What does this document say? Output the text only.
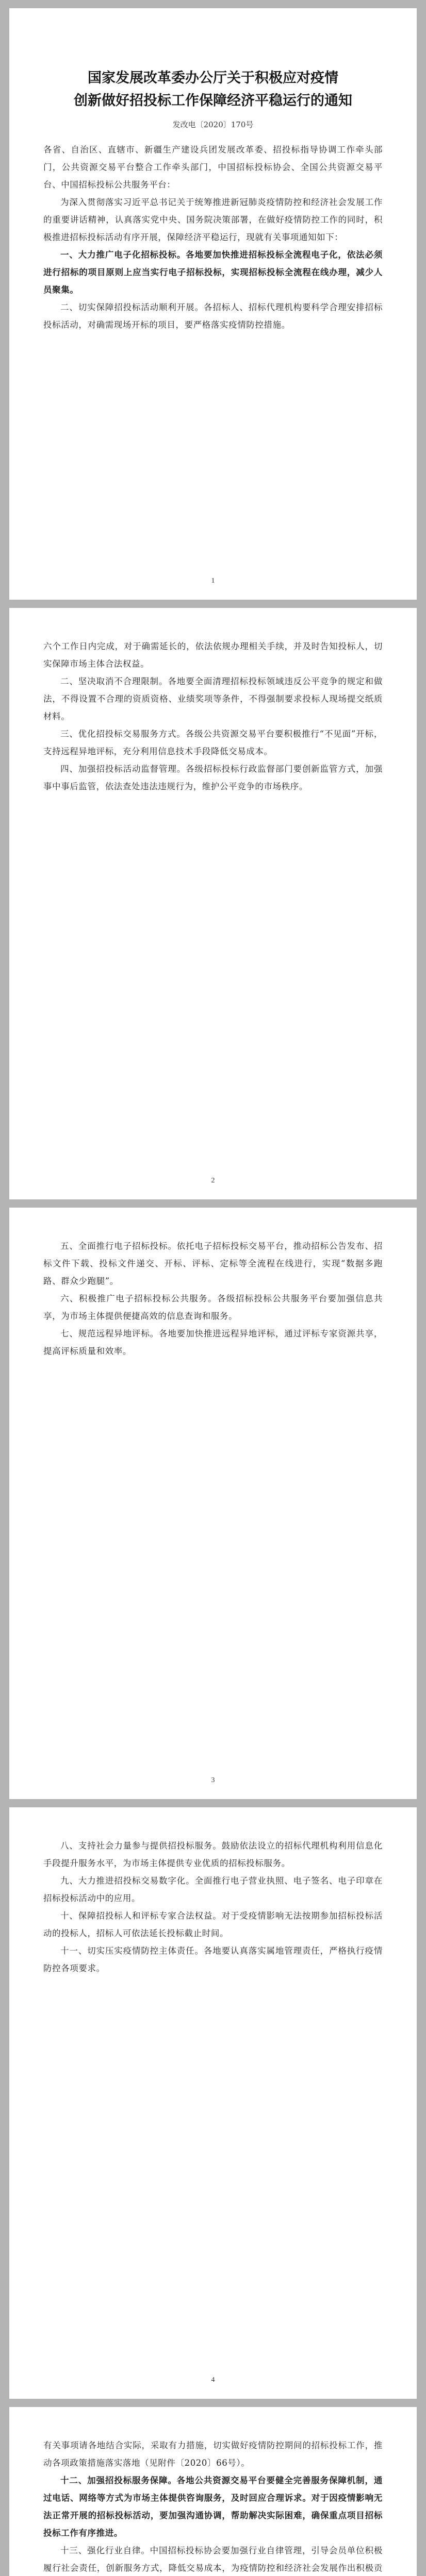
国家发展改革委办公厅关于积极应对疫情
创新做好招投标工作保障经济平稳运行的通知
发改电〔2020〕170号

各省、自治区、直辖市、新疆生产建设兵团发展改革委、招投标指导协调工作牵头部门，公共资源交易平台整合工作牵头部门，中国招标投标协会、全国公共资源交易平台、中国招标投标公共服务平台：

为深入贯彻落实习近平总书记关于统筹推进新冠肺炎疫情防控和经济社会发展工作的重要讲话精神，认真落实党中央、国务院决策部署，在做好疫情防控工作的同时，积极推进招标投标活动有序开展，保障经济平稳运行，现就有关事项通知如下：

一、大力推广电子化招标投标。各地要加快推进招标投标全流程电子化，依法必须进行招标的项目原则上应当实行电子招标投标，实现招标投标全流程在线办理，减少人员聚集。

二、切实保障招投标活动顺利开展。各招标人、招标代理机构要科学合理安排招标投标活动，对确需现场开标的项目，要严格落实疫情防控措施。

1

六个工作日内完成，对于确需延长的，依法依规办理相关手续，并及时告知投标人，切实保障市场主体合法权益。

二、坚决取消不合理限制。各地要全面清理招标投标领域违反公平竞争的规定和做法，不得设置不合理的资质资格、业绩奖项等条件，不得强制要求投标人现场提交纸质材料。

三、优化招投标交易服务方式。各级公共资源交易平台要积极推行“不见面”开标，支持远程异地评标，充分利用信息技术手段降低交易成本。

四、加强招投标活动监督管理。各级招标投标行政监督部门要创新监管方式，加强事中事后监管，依法查处违法违规行为，维护公平竞争的市场秩序。

2

五、全面推行电子招标投标。依托电子招标投标交易平台，推动招标公告发布、招标文件下载、投标文件递交、开标、评标、定标等全流程在线进行，实现“数据多跑路、群众少跑腿”。

六、积极推广电子招标投标公共服务。各级招标投标公共服务平台要加强信息共享，为市场主体提供便捷高效的信息查询和服务。

七、规范远程异地评标。各地要加快推进远程异地评标，通过评标专家资源共享，提高评标质量和效率。

3

八、支持社会力量参与提供招投标服务。鼓励依法设立的招标代理机构利用信息化手段提升服务水平，为市场主体提供专业优质的招标投标服务。

九、大力推进招投标交易数字化。全面推行电子营业执照、电子签名、电子印章在招标投标活动中的应用。

十、保障招投标人和评标专家合法权益。对于受疫情影响无法按期参加招标投标活动的投标人，招标人可依法延长投标截止时间。

十一、切实压实疫情防控主体责任。各地要认真落实属地管理责任，严格执行疫情防控各项要求。

4

有关事项请各地结合实际，采取有力措施，切实做好疫情防控期间的招标投标工作，推动各项政策措施落实落地（见附件〔2020〕66号）。

十二、加强招投标服务保障。各地公共资源交易平台要健全完善服务保障机制，通过电话、网络等方式为市场主体提供咨询服务，及时回应合理诉求。对于因疫情影响无法正常开展的招标投标活动，要加强沟通协调，帮助解决实际困难，确保重点项目招标投标工作有序推进。

十三、强化行业自律。中国招标投标协会要加强行业自律管理，引导会员单位积极履行社会责任，创新服务方式，降低交易成本，为疫情防控和经济社会发展作出积极贡
